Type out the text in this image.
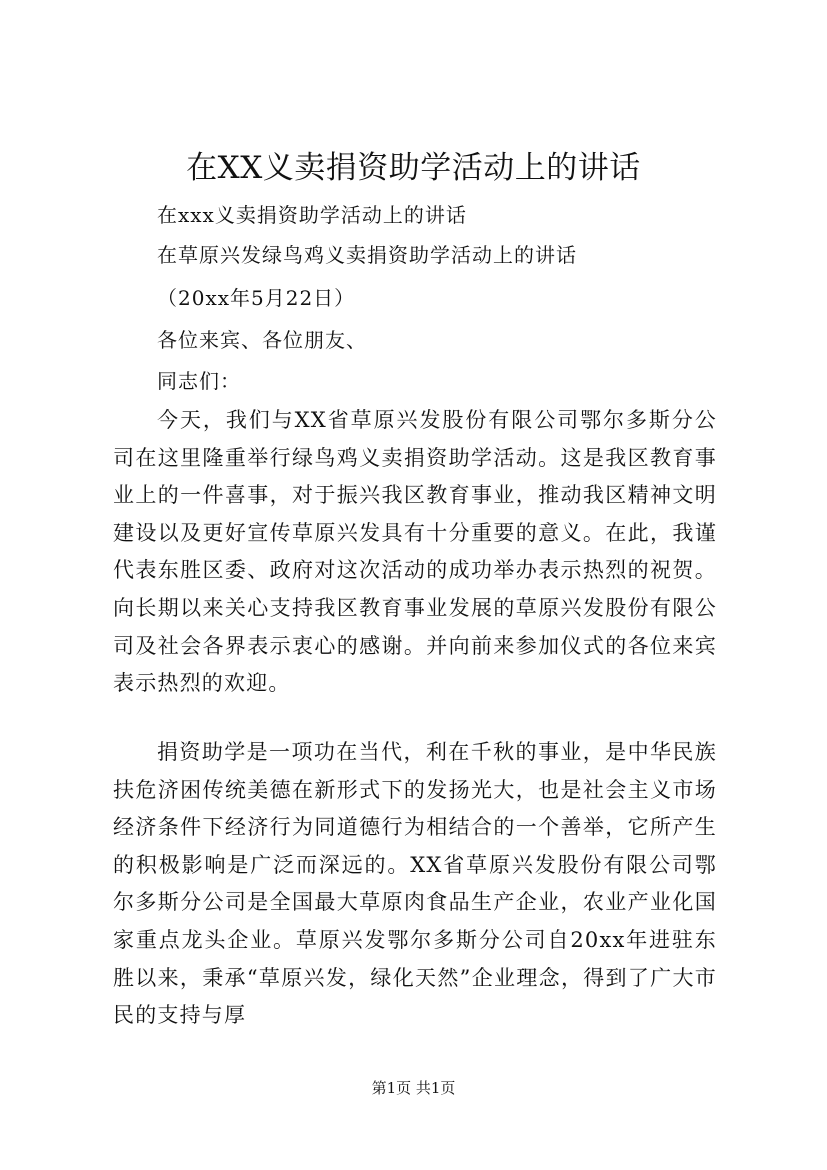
在XX义卖捐资助学活动上的讲话
在xxx义卖捐资助学活动上的讲话
在草原兴发绿鸟鸡义卖捐资助学活动上的讲话
（20xx年5月22日）
各位来宾、各位朋友、
同志们：

今天，我们与XX省草原兴发股份有限公司鄂尔多斯分公司在这里隆重举行绿鸟鸡义卖捐资助学活动。这是我区教育事业上的一件喜事，对于振兴我区教育事业，推动我区精神文明建设以及更好宣传草原兴发具有十分重要的意义。在此，我谨代表东胜区委、政府对这次活动的成功举办表示热烈的祝贺。向长期以来关心支持我区教育事业发展的草原兴发股份有限公司及社会各界表示衷心的感谢。并向前来参加仪式的各位来宾表示热烈的欢迎。

捐资助学是一项功在当代，利在千秋的事业，是中华民族扶危济困传统美德在新形式下的发扬光大，也是社会主义市场经济条件下经济行为同道德行为相结合的一个善举，它所产生的积极影响是广泛而深远的。XX省草原兴发股份有限公司鄂尔多斯分公司是全国最大草原肉食品生产企业，农业产业化国家重点龙头企业。草原兴发鄂尔多斯分公司自20xx年进驻东胜以来，秉承“草原兴发，绿化天然”企业理念，得到了广大市民的支持与厚

第1页 共1页
